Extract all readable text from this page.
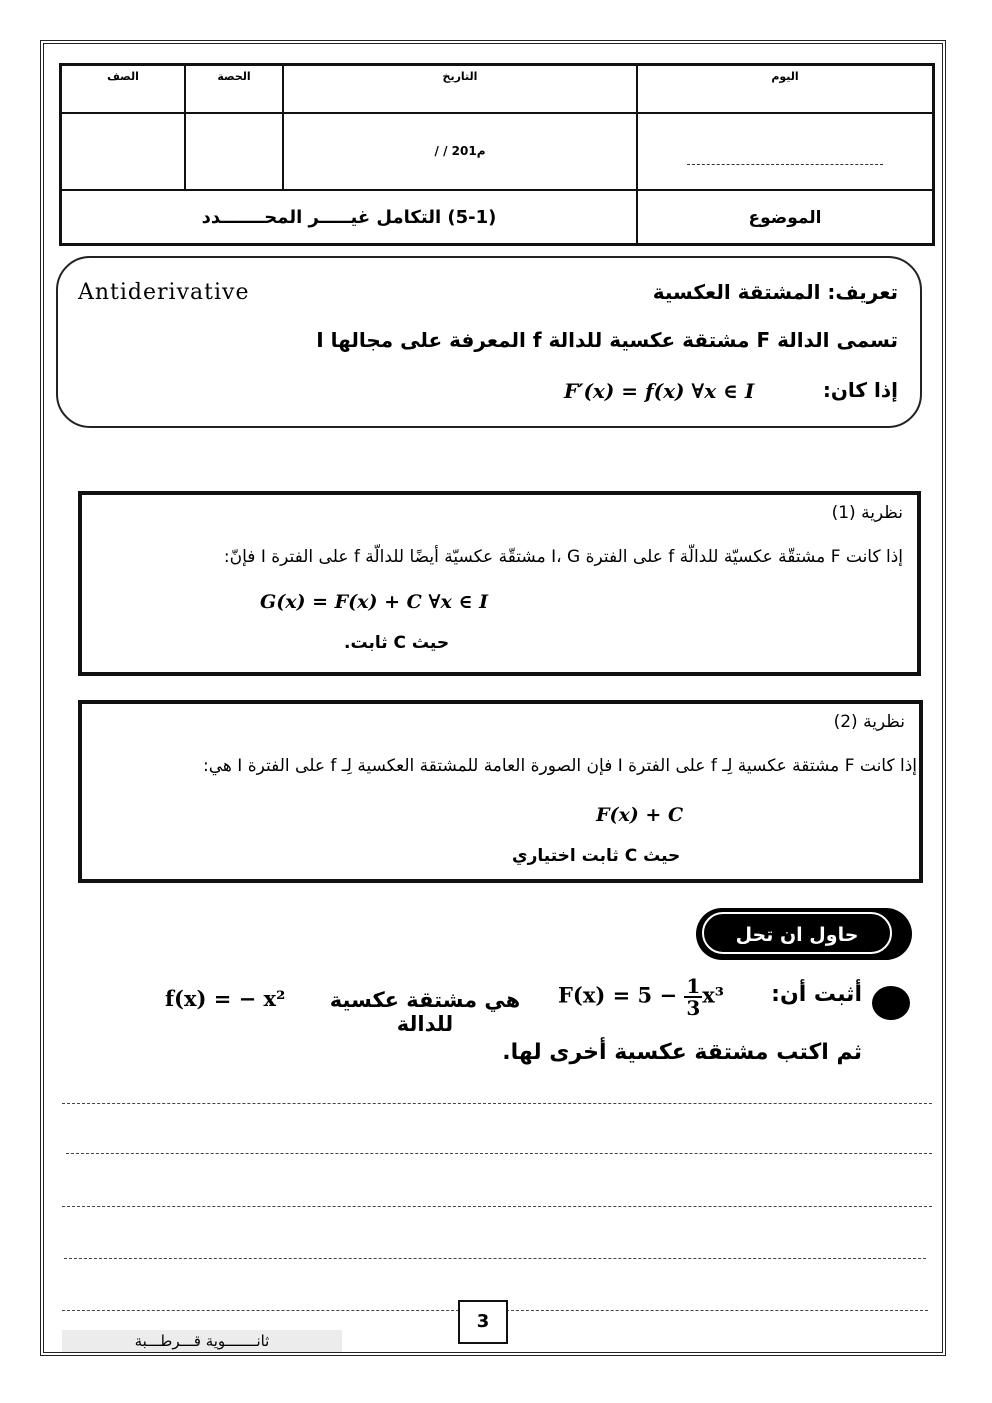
اليوم	التاريخ	الحصة	الصف
	/ / 201م		
الموضوع	(5-1) التكامل غيـــــر المحـــــــدد		
تعريف: المشتقة العكسية
Antiderivative
تسمى الدالة F مشتقة عكسية للدالة f المعرفة على مجالها I
إذا كان:
F′(x) = f(x) ∀x ∈ I
نظرية (1)
إذا كانت F مشتقّة عكسيّة للدالّة f على الفترة I، G مشتقّة عكسيّة أيضًا للدالّة f على الفترة I فإنّ:
G(x) = F(x) + C ∀x ∈ I
حيث C ثابت.
نظرية (2)
إذا كانت F مشتقة عكسية لِـ f على الفترة I فإن الصورة العامة للمشتقة العكسية لِـ f على الفترة I هي:
F(x) + C
حيث C ثابت اختياري
حاول ان تحل
أثبت أن:
$F(x) = 5 - \frac{1}{3} x^3$
هي مشتقة عكسية للدالة
f(x) = − x²
ثم اكتب مشتقة عكسية أخرى لها.
3
ثانـــــــوية قـــرطـــبة
